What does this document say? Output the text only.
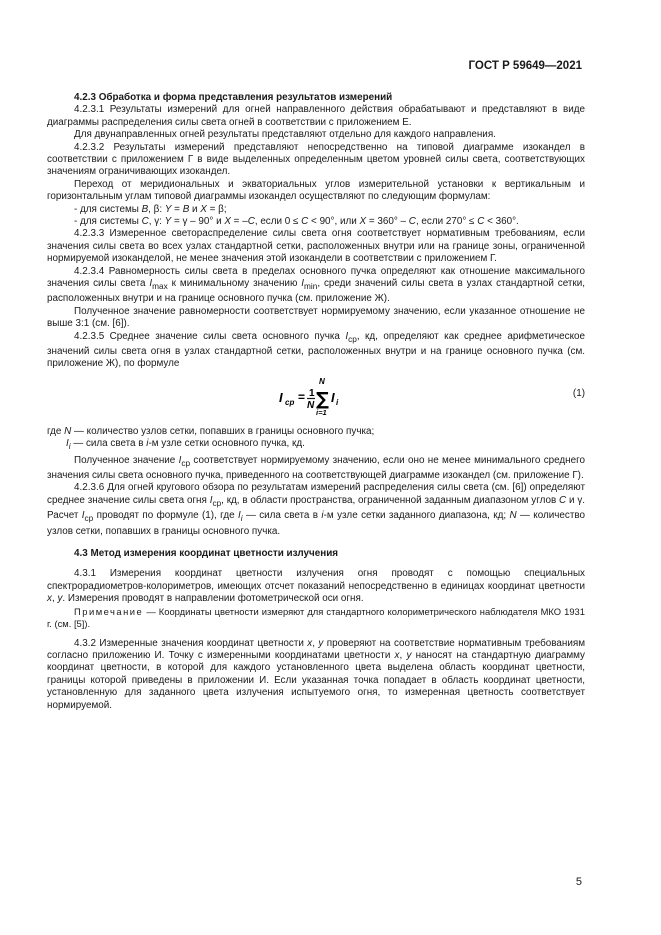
ГОСТ Р 59649—2021

4.2.3 Обработка и форма представления результатов измерений

4.2.3.1 Результаты измерений для огней направленного действия обрабатывают и представляют в виде диаграммы распределения силы света огней в соответствии с приложением Е.

Для двунаправленных огней результаты представляют отдельно для каждого направления.

4.2.3.2 Результаты измерений представляют непосредственно на типовой диаграмме изокандел в соответствии с приложением Г в виде выделенных определенным цветом уровней силы света, соответствующих значениям ограничивающих изокандел.

Переход от меридиональных и экваториальных углов измерительной установки к вертикальным и горизонтальным углам типовой диаграммы изокандел осуществляют по следующим формулам:

- для системы B, β: Y = B и X = β;

- для системы C, γ: Y = γ – 90° и X = –C, если 0 ≤ C < 90°, или X = 360° – C, если 270° ≤ C < 360°.

4.2.3.3 Измеренное светораспределение силы света огня соответствует нормативным требованиям, если значения силы света во всех узлах стандартной сетки, расположенных внутри или на границе зоны, ограниченной нормируемой изоканделой, не менее значения этой изокандели в соответствии с приложением Г.

4.2.3.4 Равномерность силы света в пределах основного пучка определяют как отношение максимального значения силы света $I_{max}$ к минимальному значению $I_{min}$, среди значений силы света в узлах стандартной сетки, расположенных внутри и на границе основного пучка (см. приложение Ж).

Полученное значение равномерности соответствует нормируемому значению, если указанное отношение не выше 3:1 (см. [6]).

4.2.3.5 Среднее значение силы света основного пучка $I_{ср}$, кд, определяют как среднее арифметическое значений силы света огня в узлах стандартной сетки, расположенных внутри и на границе основного пучка (см. приложение Ж), по формуле

I ср = 1
N
N
∑
i=1
I i
(1)

где N — количество узлов сетки, попавших в границы основного пучка;

$I_i$ — сила света в i-м узле сетки основного пучка, кд.

Полученное значение $I_{ср}$ соответствует нормируемому значению, если оно не менее минимального среднего значения силы света основного пучка, приведенного на соответствующей диаграмме изокандел (см. приложение Г).

4.2.3.6 Для огней кругового обзора по результатам измерений распределения силы света (см. [6]) определяют среднее значение силы света огня $I_{ср}$, кд, в области пространства, ограниченной заданным диапазоном углов C и γ. Расчет $I_{ср}$ проводят по формуле (1), где $I_i$ — сила света в i-м узле сетки заданного диапазона, кд; N — количество узлов сетки, попавших в границы основного пучка.

4.3 Метод измерения координат цветности излучения

4.3.1 Измерения координат цветности излучения огня проводят с помощью специальных спектрорадиометров-колориметров, имеющих отсчет показаний непосредственно в единицах координат цветности x, y. Измерения проводят в направлении фотометрической оси огня.

Примечание — Координаты цветности измеряют для стандартного колориметрического наблюдателя МКО 1931 г. (см. [5]).

4.3.2 Измеренные значения координат цветности x, y проверяют на соответствие нормативным требованиям согласно приложению И. Точку с измеренными координатами цветности x, y наносят на стандартную диаграмму координат цветности, в которой для каждого установленного цвета выделена область координат цветности, границы которой приведены в приложении И. Если указанная точка попадает в область координат цветности, установленную для заданного цвета излучения испытуемого огня, то измеренная цветность соответствует нормируемой.

5
